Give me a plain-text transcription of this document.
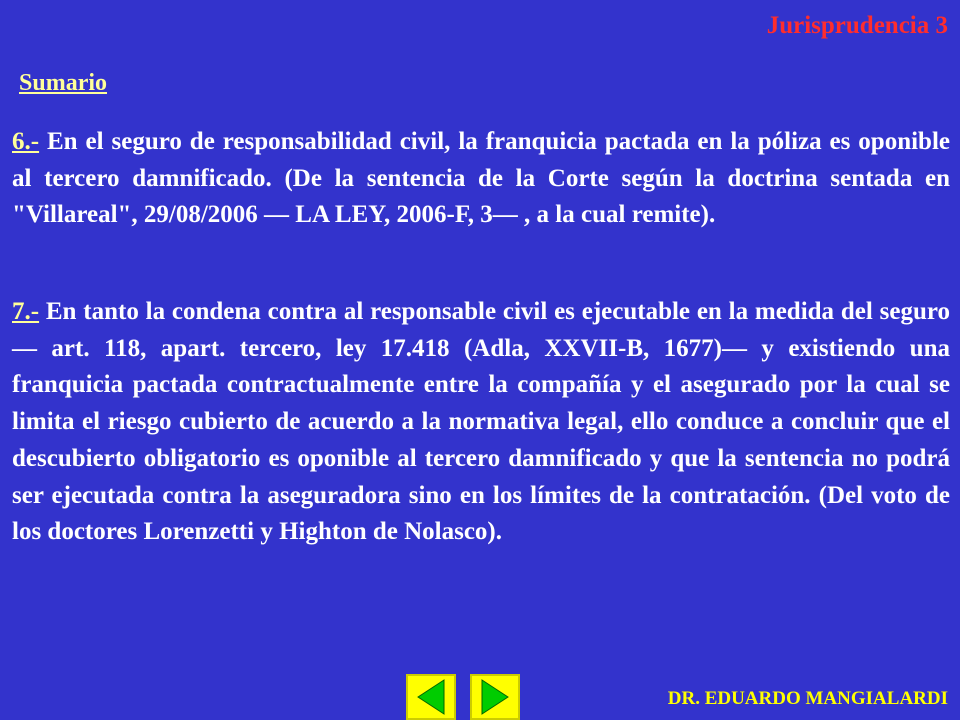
Jurisprudencia 3
Sumario
6.- En el seguro de responsabilidad civil, la franquicia pactada en la póliza es oponible al tercero damnificado. (De la sentencia de la Corte según la doctrina sentada en "Villareal", 29/08/2006 — LA LEY, 2006-F, 3— , a la cual remite).
7.- En tanto la condena contra al responsable civil es ejecutable en la medida del seguro — art. 118, apart. tercero, ley 17.418 (Adla, XXVII-B, 1677)— y existiendo una franquicia pactada contractualmente entre la compañía y el asegurado por la cual se limita el riesgo cubierto de acuerdo a la normativa legal, ello conduce a concluir que el descubierto obligatorio es oponible al tercero damnificado y que la sentencia no podrá ser ejecutada contra la aseguradora sino en los límites de la contratación. (Del voto de los doctores Lorenzetti y Highton de Nolasco).
DR. EDUARDO MANGIALARDI
